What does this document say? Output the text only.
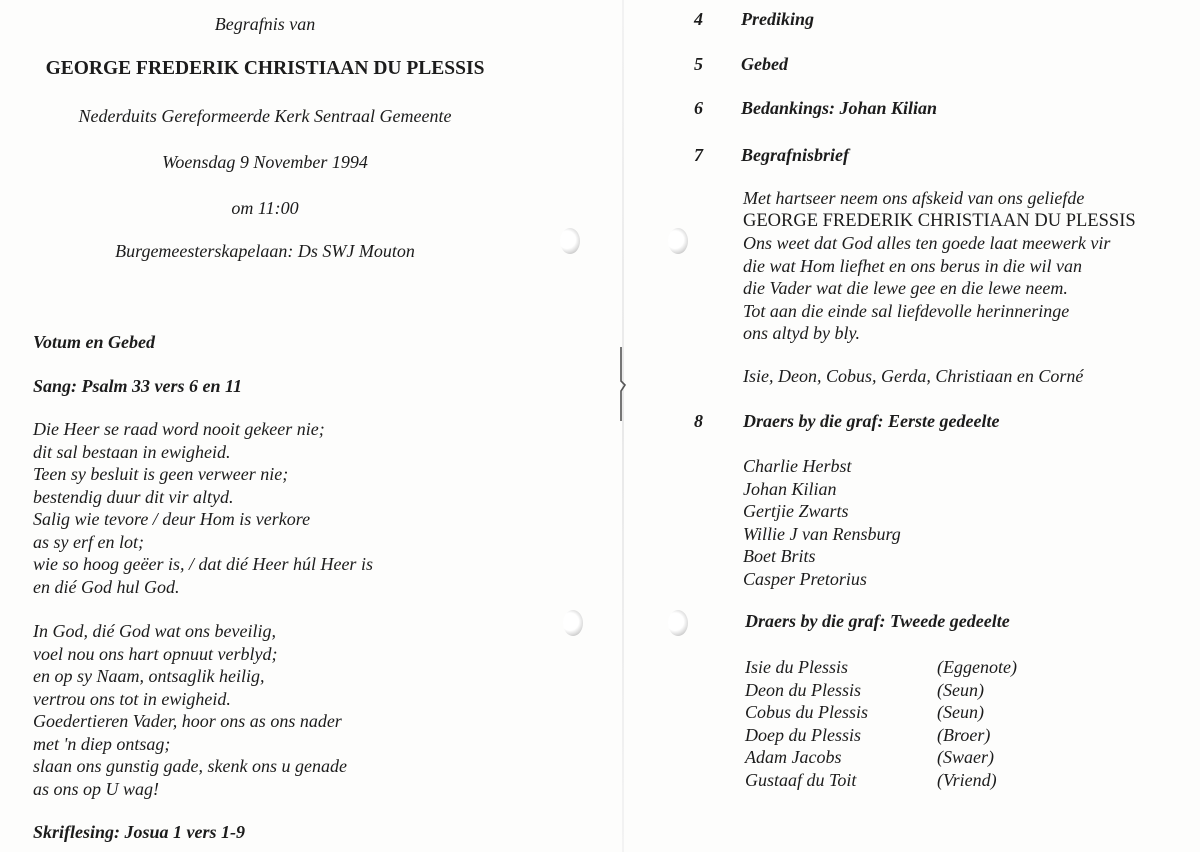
Begrafnis van
GEORGE FREDERIK CHRISTIAAN DU PLESSIS
Nederduits Gereformeerde Kerk Sentraal Gemeente
Woensdag 9 November 1994
om 11:00
Burgemeesterskapelaan: Ds SWJ Mouton
Votum en Gebed
Sang: Psalm 33 vers 6 en 11
Die Heer se raad word nooit gekeer nie;
dit sal bestaan in ewigheid.
Teen sy besluit is geen verweer nie;
bestendig duur dit vir altyd.
Salig wie tevore / deur Hom is verkore
as sy erf en lot;
wie so hoog geëer is, / dat dié Heer húl Heer is
en dié God hul God.
In God, dié God wat ons beveilig,
voel nou ons hart opnuut verblyd;
en op sy Naam, ontsaglik heilig,
vertrou ons tot in ewigheid.
Goedertieren Vader, hoor ons as ons nader
met 'n diep ontsag;
slaan ons gunstig gade, skenk ons u genade
as ons op U wag!
Skriflesing: Josua 1 vers 1-9
4 Prediking
5 Gebed
6 Bedankings: Johan Kilian
7 Begrafnisbrief
Met hartseer neem ons afskeid van ons geliefde
GEORGE FREDERIK CHRISTIAAN DU PLESSIS
Ons weet dat God alles ten goede laat meewerk vir
die wat Hom liefhet en ons berus in die wil van
die Vader wat die lewe gee en die lewe neem.
Tot aan die einde sal liefdevolle herinneringe
ons altyd by bly.
Isie, Deon, Cobus, Gerda, Christiaan en Corné
8 Draers by die graf: Eerste gedeelte
Charlie Herbst
Johan Kilian
Gertjie Zwarts
Willie J van Rensburg
Boet Brits
Casper Pretorius
Draers by die graf: Tweede gedeelte
Isie du Plessis
Deon du Plessis
Cobus du Plessis
Doep du Plessis
Adam Jacobs
Gustaaf du Toit
(Eggenote)
(Seun)
(Seun)
(Broer)
(Swaer)
(Vriend)
